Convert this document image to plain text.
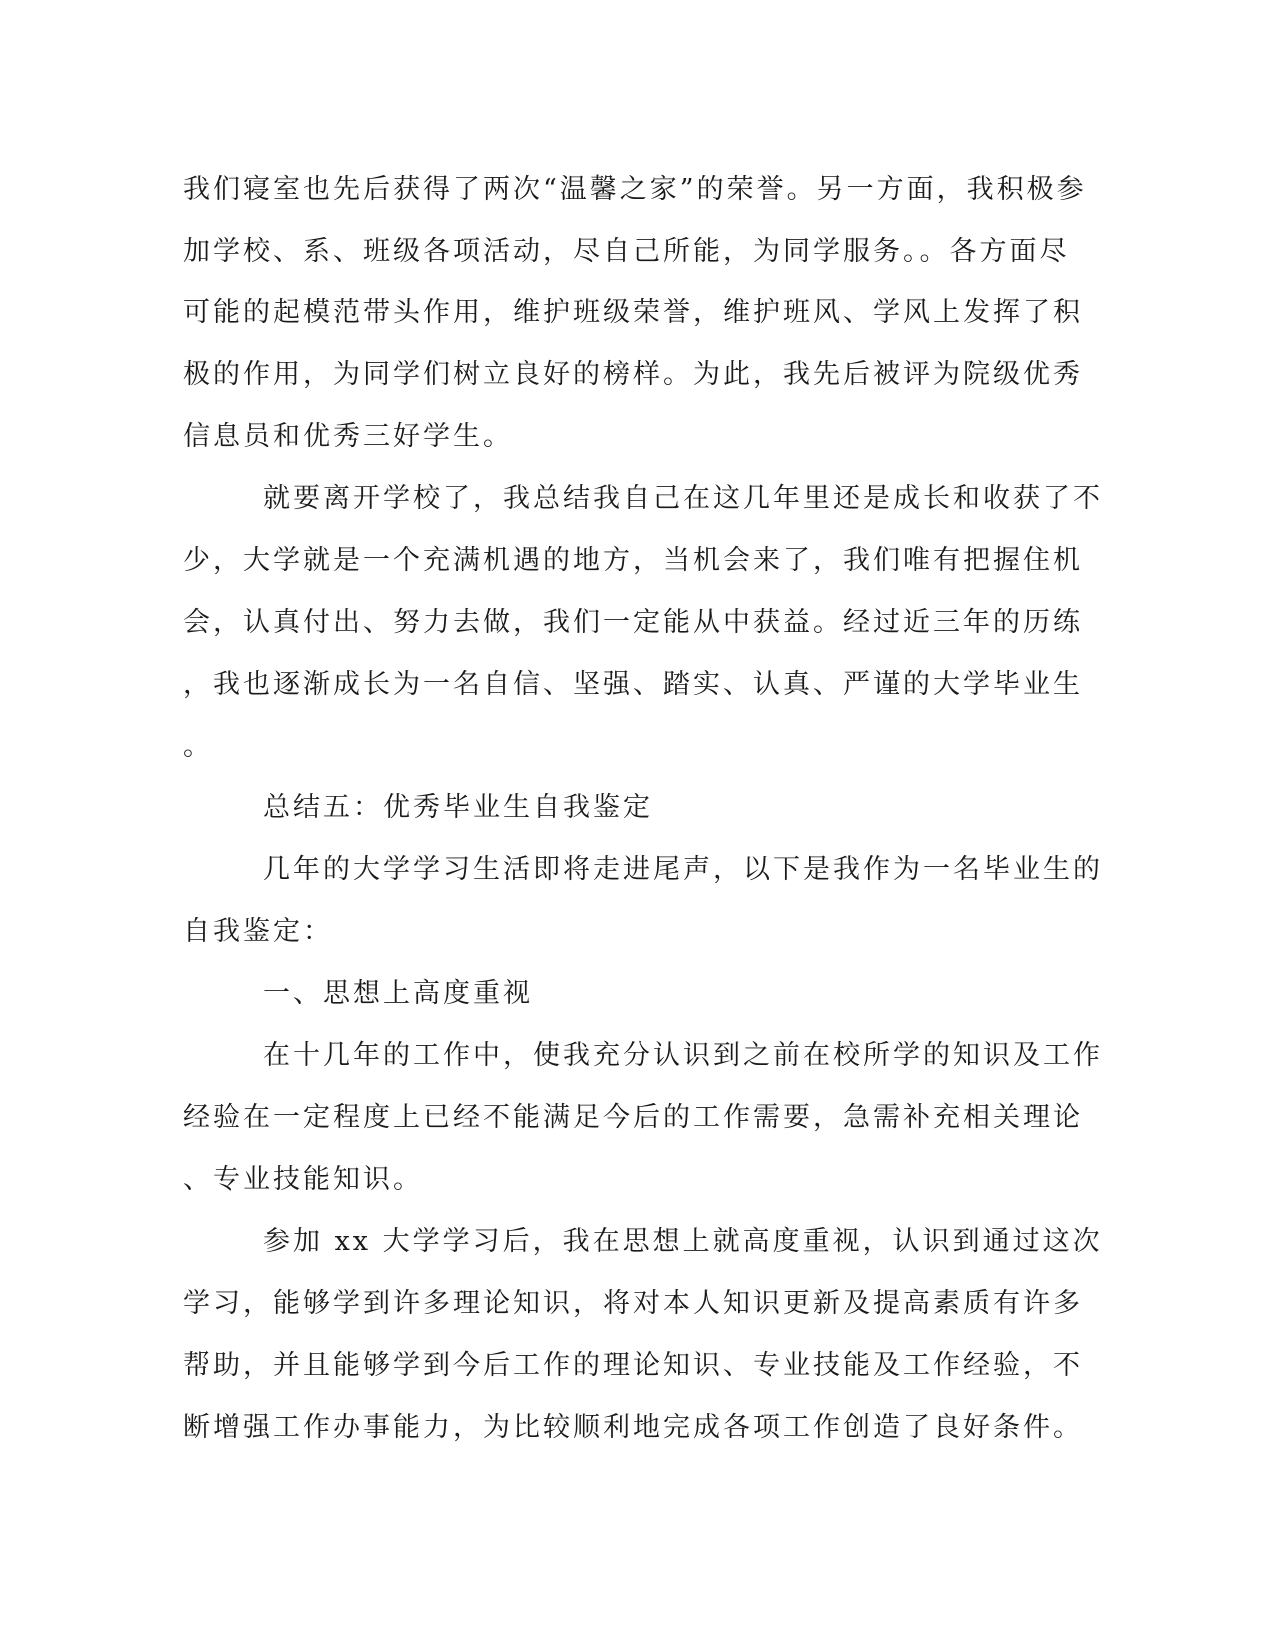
我们寝室也先后获得了两次“温馨之家”的荣誉。另一方面，我积极参
加学校、系、班级各项活动，尽自己所能，为同学服务。。各方面尽
可能的起模范带头作用，维护班级荣誉，维护班风、学风上发挥了积
极的作用，为同学们树立良好的榜样。为此，我先后被评为院级优秀
信息员和优秀三好学生。
就要离开学校了，我总结我自己在这几年里还是成长和收获了不
少，大学就是一个充满机遇的地方，当机会来了，我们唯有把握住机
会，认真付出、努力去做，我们一定能从中获益。经过近三年的历练
，我也逐渐成长为一名自信、坚强、踏实、认真、严谨的大学毕业生
。
总结五：优秀毕业生自我鉴定
几年的大学学习生活即将走进尾声，以下是我作为一名毕业生的
自我鉴定：
一、思想上高度重视
在十几年的工作中，使我充分认识到之前在校所学的知识及工作
经验在一定程度上已经不能满足今后的工作需要，急需补充相关理论
、专业技能知识。
参加 xx 大学学习后，我在思想上就高度重视，认识到通过这次
学习，能够学到许多理论知识，将对本人知识更新及提高素质有许多
帮助，并且能够学到今后工作的理论知识、专业技能及工作经验，不
断增强工作办事能力，为比较顺利地完成各项工作创造了良好条件。
